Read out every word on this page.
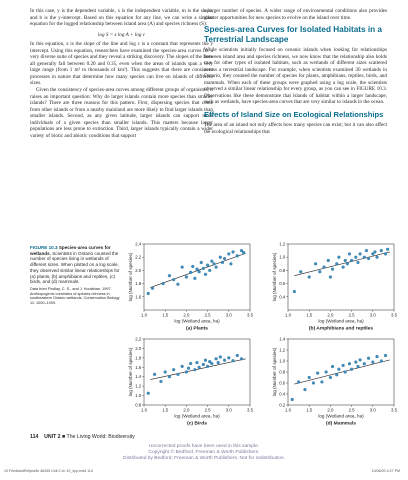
In this case, y is the dependent variable, x is the independent variable, m is the slope, and b is the y-intercept. Based on this equation for any line, we can write a similar equation for the logged relationship between island area (A) and species richness (S):

log S = z log A + log c

In this equation, z is the slope of the line and log c is a constant that represents the y intercept. Using this equation, researchers have examined the species-area curves for a very diverse suite of species and they reveal a striking discovery. The slopes of the lines all generally fall between 0.20 and 0.35, even when the areas of islands span a very large range (from 1 m² to thousands of km²). This suggests that there are consistent processes in nature that determine how many species can live on islands of different sizes.

Given the consistency of species-area curves among different groups of organisms, it raises an important question: Why do larger islands contain more species than smaller islands? There are three reasons for this pattern. First, dispersing species that come from other islands or from a nearby mainland are more likely to find larger islands than smaller islands. Second, as any given latitude, larger islands can support more individuals of a given species than smaller islands. This matters because larger populations are less prone to extinction. Third, larger islands typically contain a wider variety of biotic and abiotic conditions that support

a larger number of species. A wider range of environmental conditions also provides greater opportunities for new species to evolve on the island over time.

Species-area Curves for Isolated Habitats in a Terrestrial Landscape

While scientists initially focused on oceanic islands when looking for relationships between island area and species richness, we now know that the relationship also holds true for other types of isolated habitats, such as wetlands of different sizes scattered across a terrestrial landscape. For example, when scientists examined 30 wetlands in Ontario, they counted the number of species for plants, amphibians, reptiles, birds, and mammals. When each of these groups were graphed using a log scale, the scientists observed a similar linear relationship for every group, as you can see in FIGURE 10.3. Observations like these demonstrate that islands of habitat within a larger landscape, such as wetlands, have species-area curves that are very similar to islands in the ocean.

Effects of Island Size on Ecological Relationships

The area of an island not only affects how many species can exist; but it can also affect the ecological relationships that

FIGURE 10.3 Species-area curves for wetlands. Scientists in Ontario counted the number of species living in wetlands of different sizes. When plotted on a log scale, they observed similar linear relationships for (a) plants, (b) amphibians and reptiles, (c) birds, and (d) mammals.
Data from Findlay, C. S., and J. Houlahan. 1997. Anthropogenic correlates of species richness in southeastern Ontario wetlands. Conservation Biology 11: 1000–1009.
1.0	1.5	2.0	2.5	3.0	3.5
1.6
1.8
2.0
2.2
2.4
log (Wetland area, ha)
log (Number of species)
(a) Plants
1.0	1.5	2.0	2.5	3.0	3.5
0.4
0.6
0.8
1.0
1.2
log (Wetland area, ha)
log (Number of species)
(b) Amphibians and reptiles
1.0	1.5	2.0	2.5	3.0	3.5
0.8
1.0
1.2
1.4
1.6
1.8
2.0
2.2
log (Wetland area, ha)
log (Number of species)
(c) Birds
1.0	1.5	2.0	2.5	3.0	3.5
0.2
0.4
0.6
0.8
1.0
1.2
1.4
log (Wetland area, ha)
log (Number of species)
(d) Mammals
114 UNIT 2 ■ The Living World: Biodiversity
Uncorrected proofs have been used in this sample.
Copyright © Bedford, Freeman & Worth Publishers.
Distributed by Bedford, Freeman & Worth Publishers. Not for redistribution.
10 FriedlandRelyea3e 46435 Unit 2 ch 10_4pp.indd 114	10/06/20 4:27 PM
